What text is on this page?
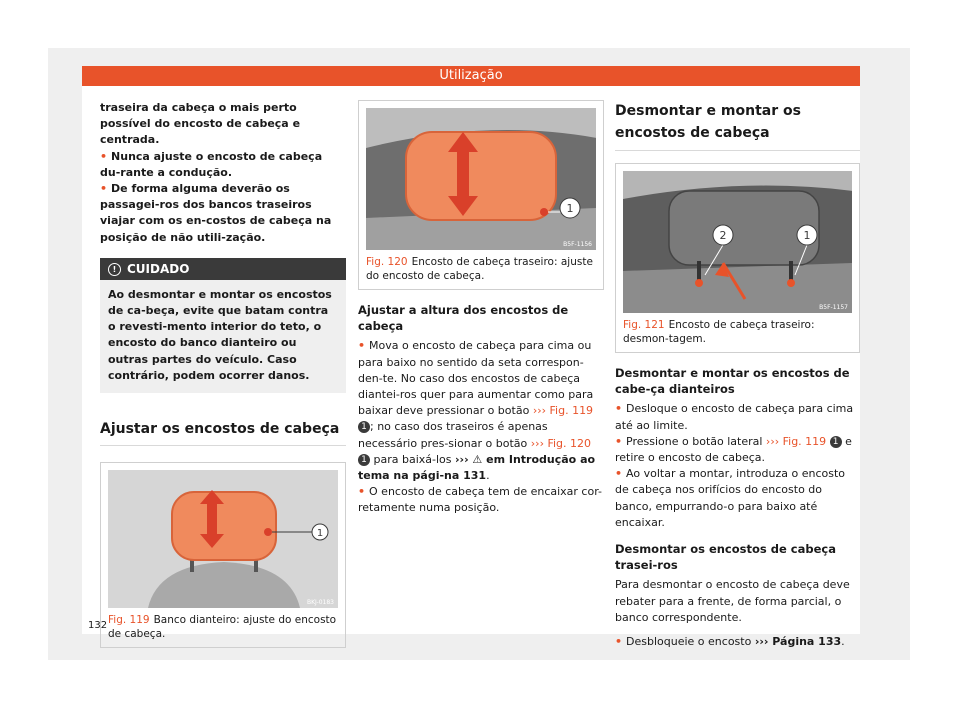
Utilização

traseira da cabeça o mais perto possível do encosto de cabeça e centrada.

• Nunca ajuste o encosto de cabeça du-rante a condução.

• De forma alguma deverão os passagei-ros dos bancos traseiros viajar com os en-costos de cabeça na posição de não utili-zação.

! CUIDADO
Ao desmontar e montar os encostos de ca-beça, evite que batam contra o revesti-mento interior do teto, o encosto do banco dianteiro ou outras partes do veículo. Caso contrário, podem ocorrer danos.
Ajustar os encostos de cabeça
1
BKJ-0183
Fig. 119 Banco dianteiro: ajuste do encosto de cabeça.
1
B5F-1156
Fig. 120 Encosto de cabeça traseiro: ajuste do encosto de cabeça.

Ajustar a altura dos encostos de cabeça

• Mova o encosto de cabeça para cima ou para baixo no sentido da seta correspon-den-te. No caso dos encostos de cabeça diantei-ros quer para aumentar como para baixar deve pressionar o botão ››› Fig. 119 1 ; no caso dos traseiros é apenas necessário pres-sionar o botão ››› Fig. 120 1 para baixá-los ››› ⚠ em Introdução ao tema na pági-na 131.

• O encosto de cabeça tem de encaixar cor-retamente numa posição.

Desmontar e montar os encostos de cabeça
2	1
B5F-1157
Fig. 121 Encosto de cabeça traseiro: desmon-tagem.

Desmontar e montar os encostos de cabe-ça dianteiros

• Desloque o encosto de cabeça para cima até ao limite.

• Pressione o botão lateral ››› Fig. 119 1 e retire o encosto de cabeça.

• Ao voltar a montar, introduza o encosto de cabeça nos orifícios do encosto do banco, empurrando-o para baixo até encaixar.

Desmontar os encostos de cabeça trasei-ros

Para desmontar o encosto de cabeça deve rebater para a frente, de forma parcial, o banco correspondente.

• Desbloqueie o encosto ››› Página 133.

132
